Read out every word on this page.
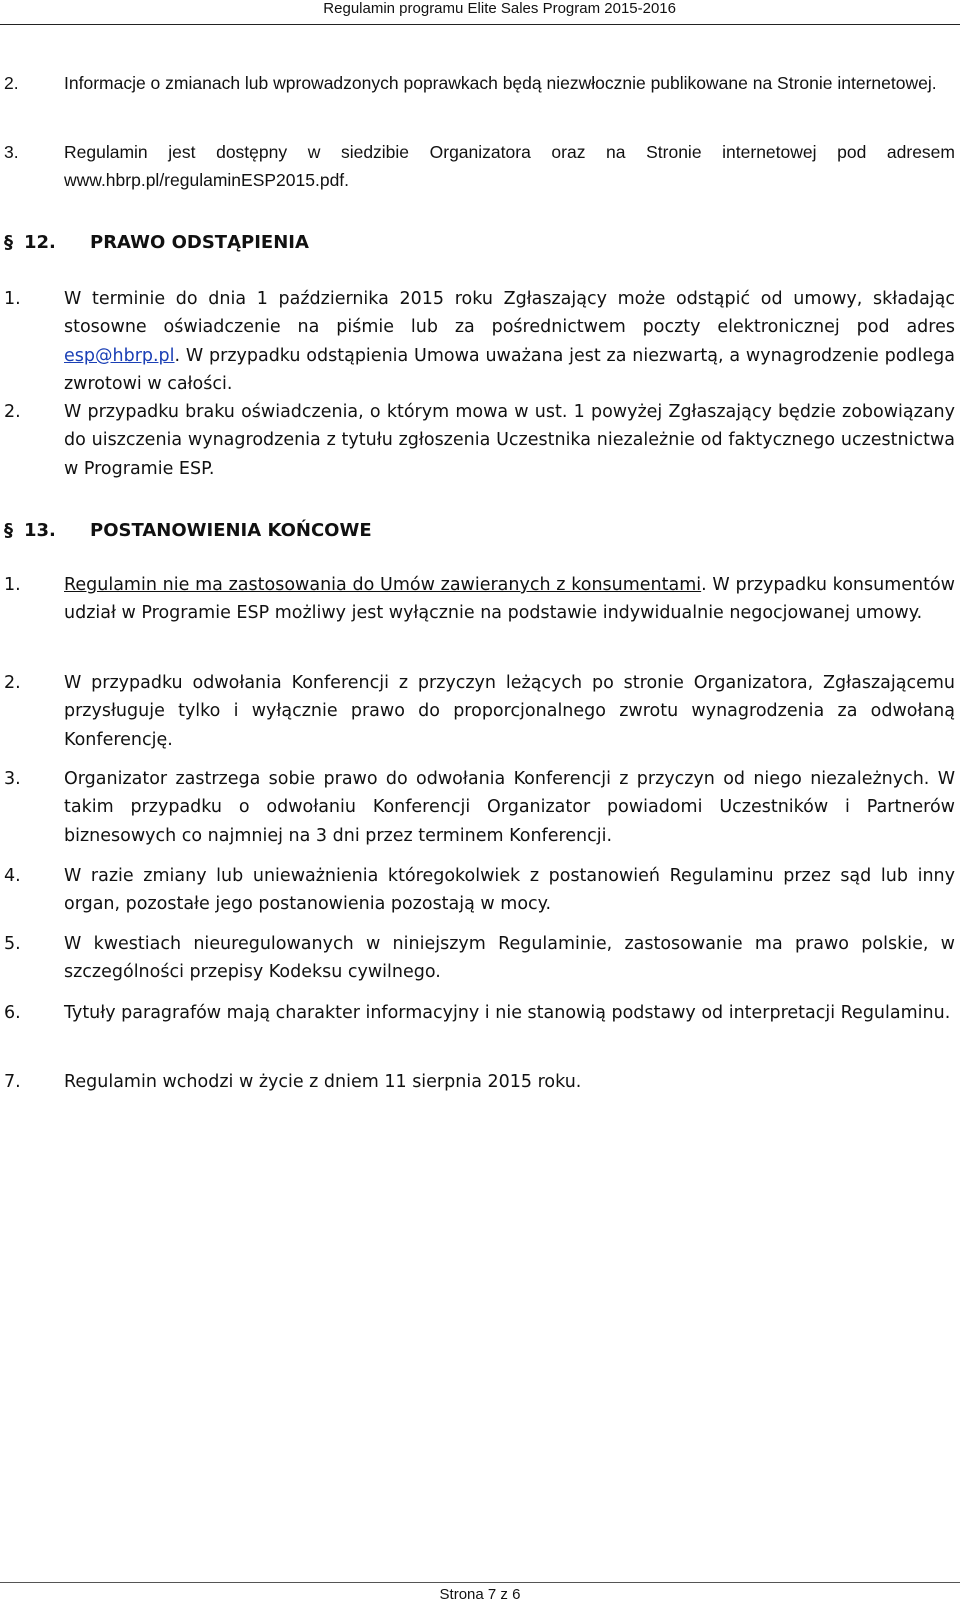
Regulamin programu Elite Sales Program 2015-2016
2.	Informacje o zmianach lub wprowadzonych poprawkach będą niezwłocznie publikowane na Stronie internetowej.
3.	Regulamin jest dostępny w siedzibie Organizatora oraz na Stronie internetowej pod adresem www.hbrp.pl/regulaminESP2015.pdf.
§ 12. PRAWO ODSTĄPIENIA
1.	W terminie do dnia 1 października 2015 roku Zgłaszający może odstąpić od umowy, składając stosowne oświadczenie na piśmie lub za pośrednictwem poczty elektronicznej pod adres esp@hbrp.pl. W przypadku odstąpienia Umowa uważana jest za niezwartą, a wynagrodzenie podlega zwrotowi w całości.
2.	W przypadku braku oświadczenia, o którym mowa w ust. 1 powyżej Zgłaszający będzie zobowiązany do uiszczenia wynagrodzenia z tytułu zgłoszenia Uczestnika niezależnie od faktycznego uczestnictwa w Programie ESP.
§ 13. POSTANOWIENIA KOŃCOWE
1.	Regulamin nie ma zastosowania do Umów zawieranych z konsumentami. W przypadku konsumentów udział w Programie ESP możliwy jest wyłącznie na podstawie indywidualnie negocjowanej umowy.
2.	W przypadku odwołania Konferencji z przyczyn leżących po stronie Organizatora, Zgłaszającemu przysługuje tylko i wyłącznie prawo do proporcjonalnego zwrotu wynagrodzenia za odwołaną Konferencję.
3.	Organizator zastrzega sobie prawo do odwołania Konferencji z przyczyn od niego niezależnych. W takim przypadku o odwołaniu Konferencji Organizator powiadomi Uczestników i Partnerów biznesowych co najmniej na 3 dni przez terminem Konferencji.
4.	W razie zmiany lub unieważnienia któregokolwiek z postanowień Regulaminu przez sąd lub inny organ, pozostałe jego postanowienia pozostają w mocy.
5.	W kwestiach nieuregulowanych w niniejszym Regulaminie, zastosowanie ma prawo polskie, w szczególności przepisy Kodeksu cywilnego.
6.	Tytuły paragrafów mają charakter informacyjny i nie stanowią podstawy od interpretacji Regulaminu.
7.	Regulamin wchodzi w życie z dniem 11 sierpnia 2015 roku.
Strona 7 z 6
